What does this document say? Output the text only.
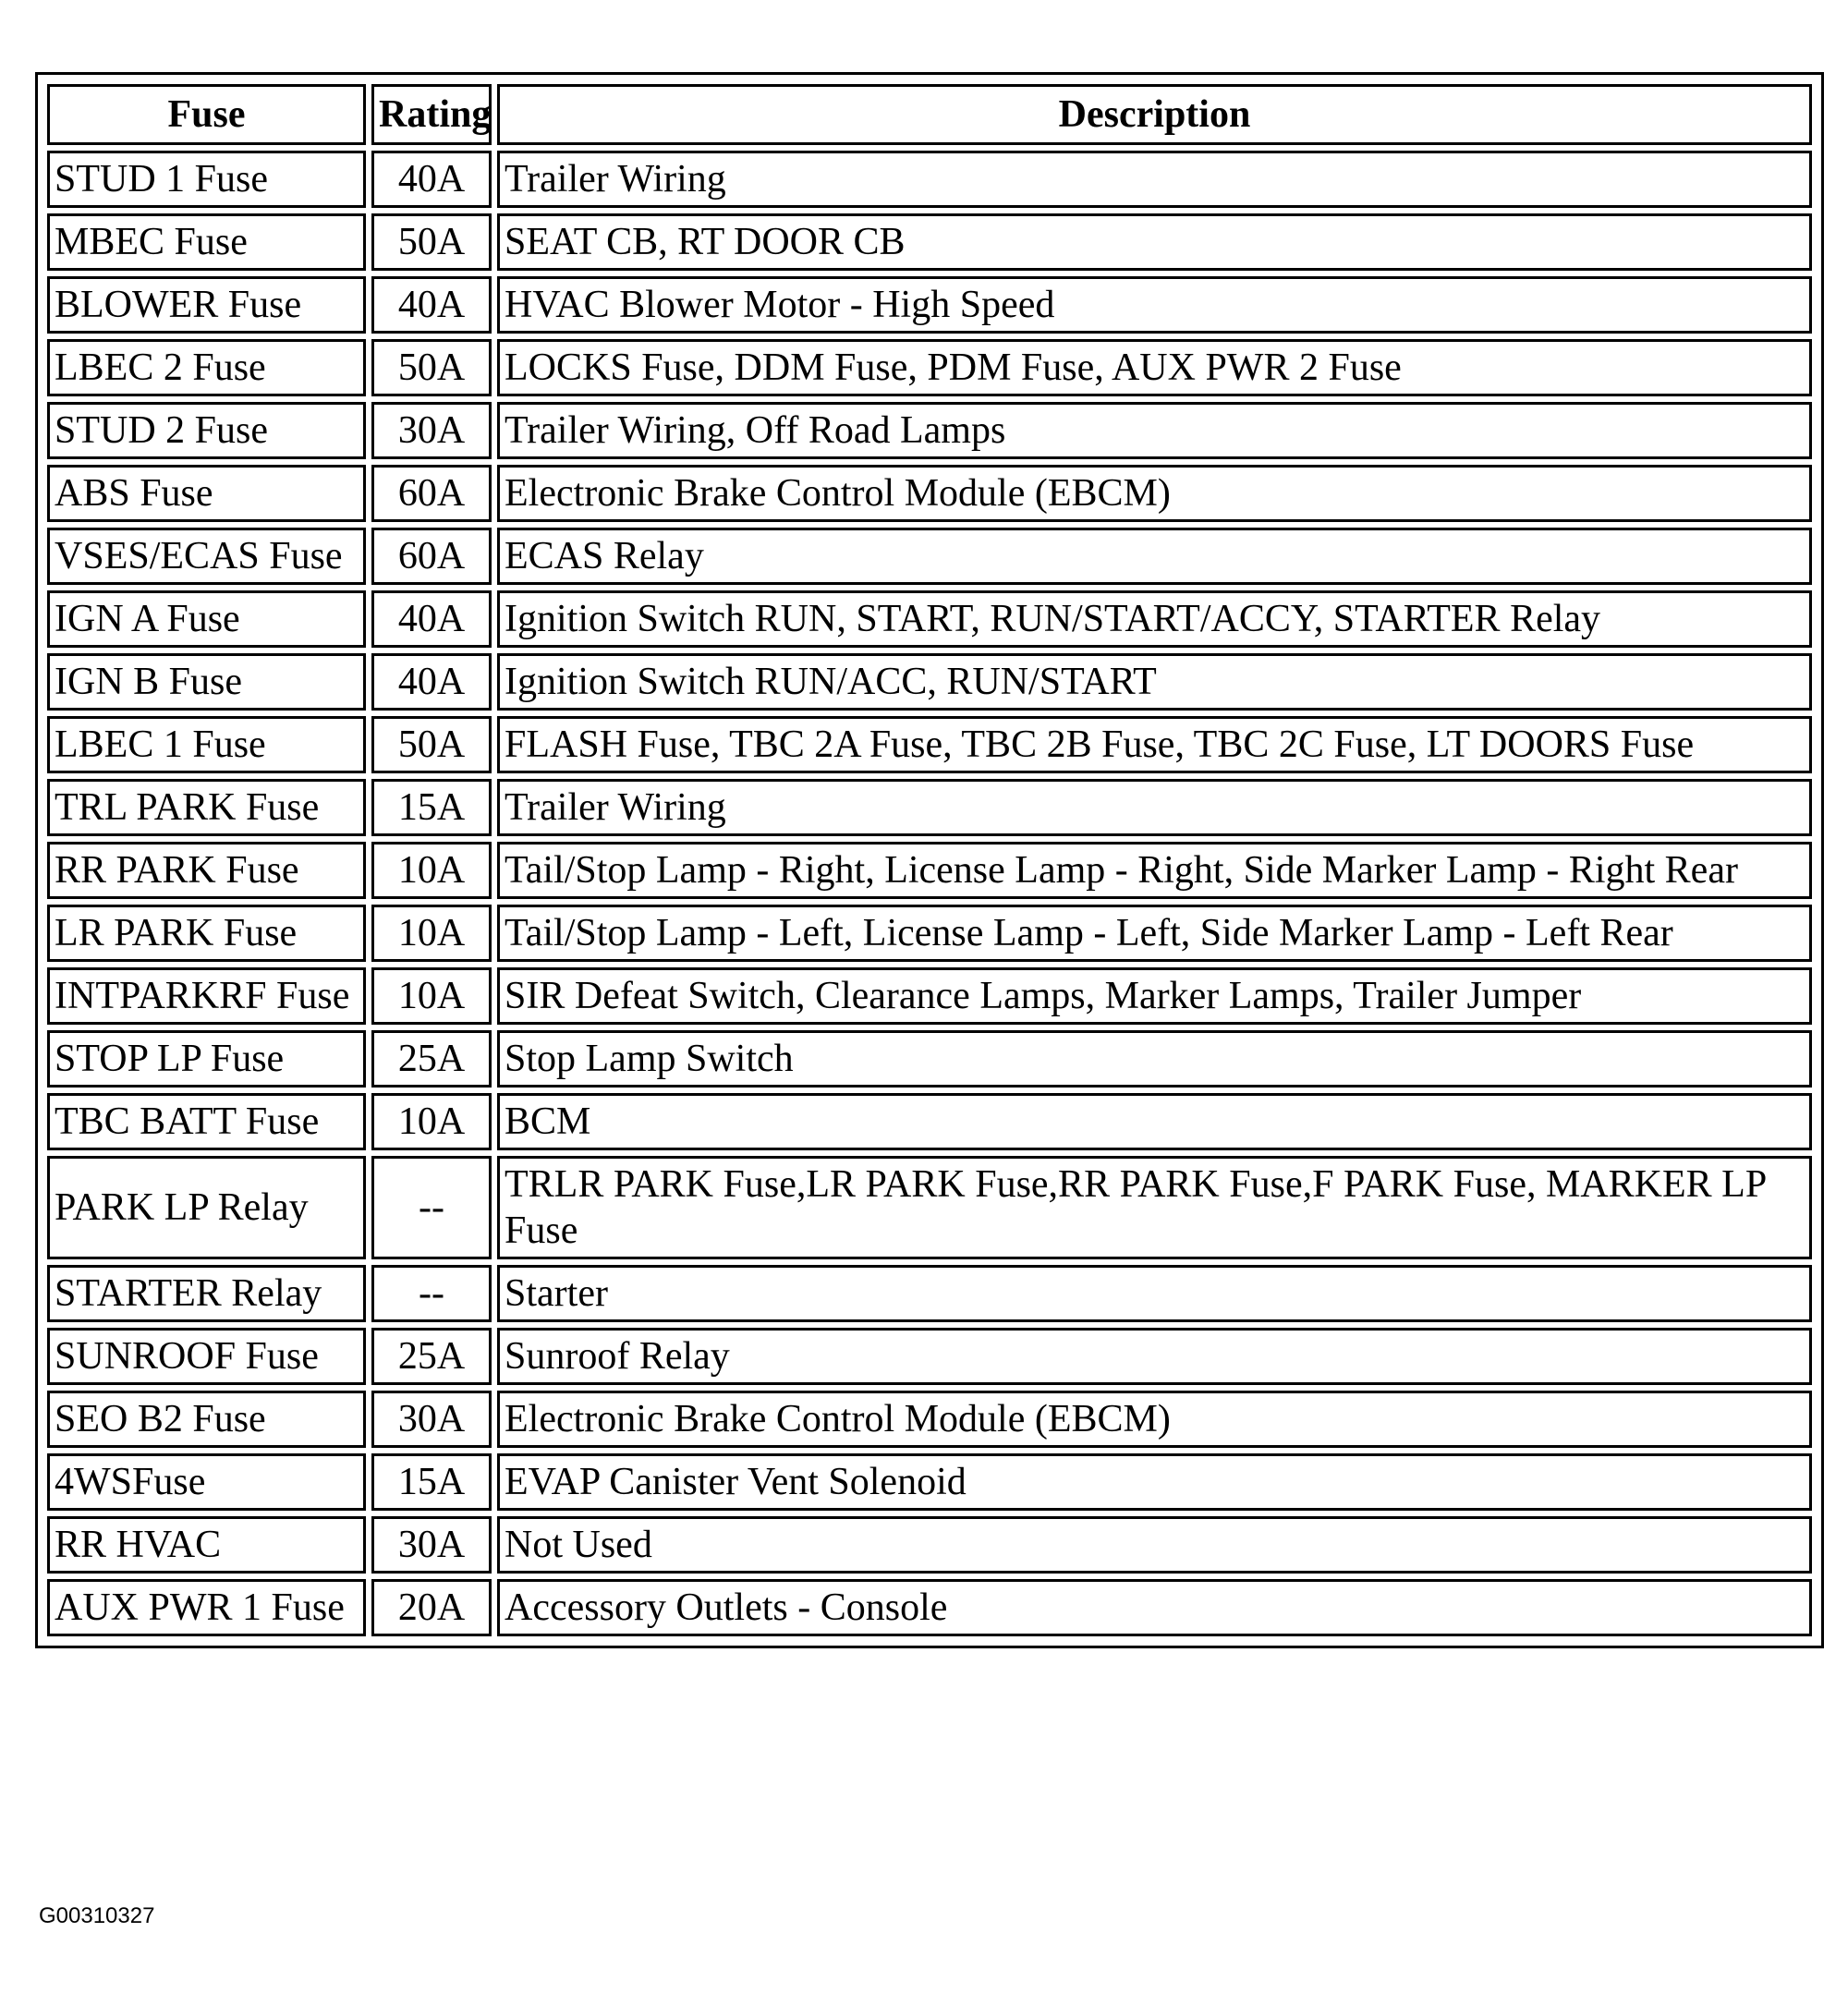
Fuse	Rating	Description
STUD 1 Fuse	40A	Trailer Wiring
MBEC Fuse	50A	SEAT CB, RT DOOR CB
BLOWER Fuse	40A	HVAC Blower Motor - High Speed
LBEC 2 Fuse	50A	LOCKS Fuse, DDM Fuse, PDM Fuse, AUX PWR 2 Fuse
STUD 2 Fuse	30A	Trailer Wiring, Off Road Lamps
ABS Fuse	60A	Electronic Brake Control Module (EBCM)
VSES/ECAS Fuse	60A	ECAS Relay
IGN A Fuse	40A	Ignition Switch RUN, START, RUN/START/ACCY, STARTER Relay
IGN B Fuse	40A	Ignition Switch RUN/ACC, RUN/START
LBEC 1 Fuse	50A	FLASH Fuse, TBC 2A Fuse, TBC 2B Fuse, TBC 2C Fuse, LT DOORS Fuse
TRL PARK Fuse	15A	Trailer Wiring
RR PARK Fuse	10A	Tail/Stop Lamp - Right, License Lamp - Right, Side Marker Lamp - Right Rear
LR PARK Fuse	10A	Tail/Stop Lamp - Left, License Lamp - Left, Side Marker Lamp - Left Rear
INTPARKRF Fuse	10A	SIR Defeat Switch, Clearance Lamps, Marker Lamps, Trailer Jumper
STOP LP Fuse	25A	Stop Lamp Switch
TBC BATT Fuse	10A	BCM
PARK LP Relay	--	TRLR PARK Fuse,LR PARK Fuse,RR PARK Fuse,F PARK Fuse, MARKER LP Fuse
STARTER Relay	--	Starter
SUNROOF Fuse	25A	Sunroof Relay
SEO B2 Fuse	30A	Electronic Brake Control Module (EBCM)
4WSFuse	15A	EVAP Canister Vent Solenoid
RR HVAC	30A	Not Used
AUX PWR 1 Fuse	20A	Accessory Outlets - Console
G00310327
